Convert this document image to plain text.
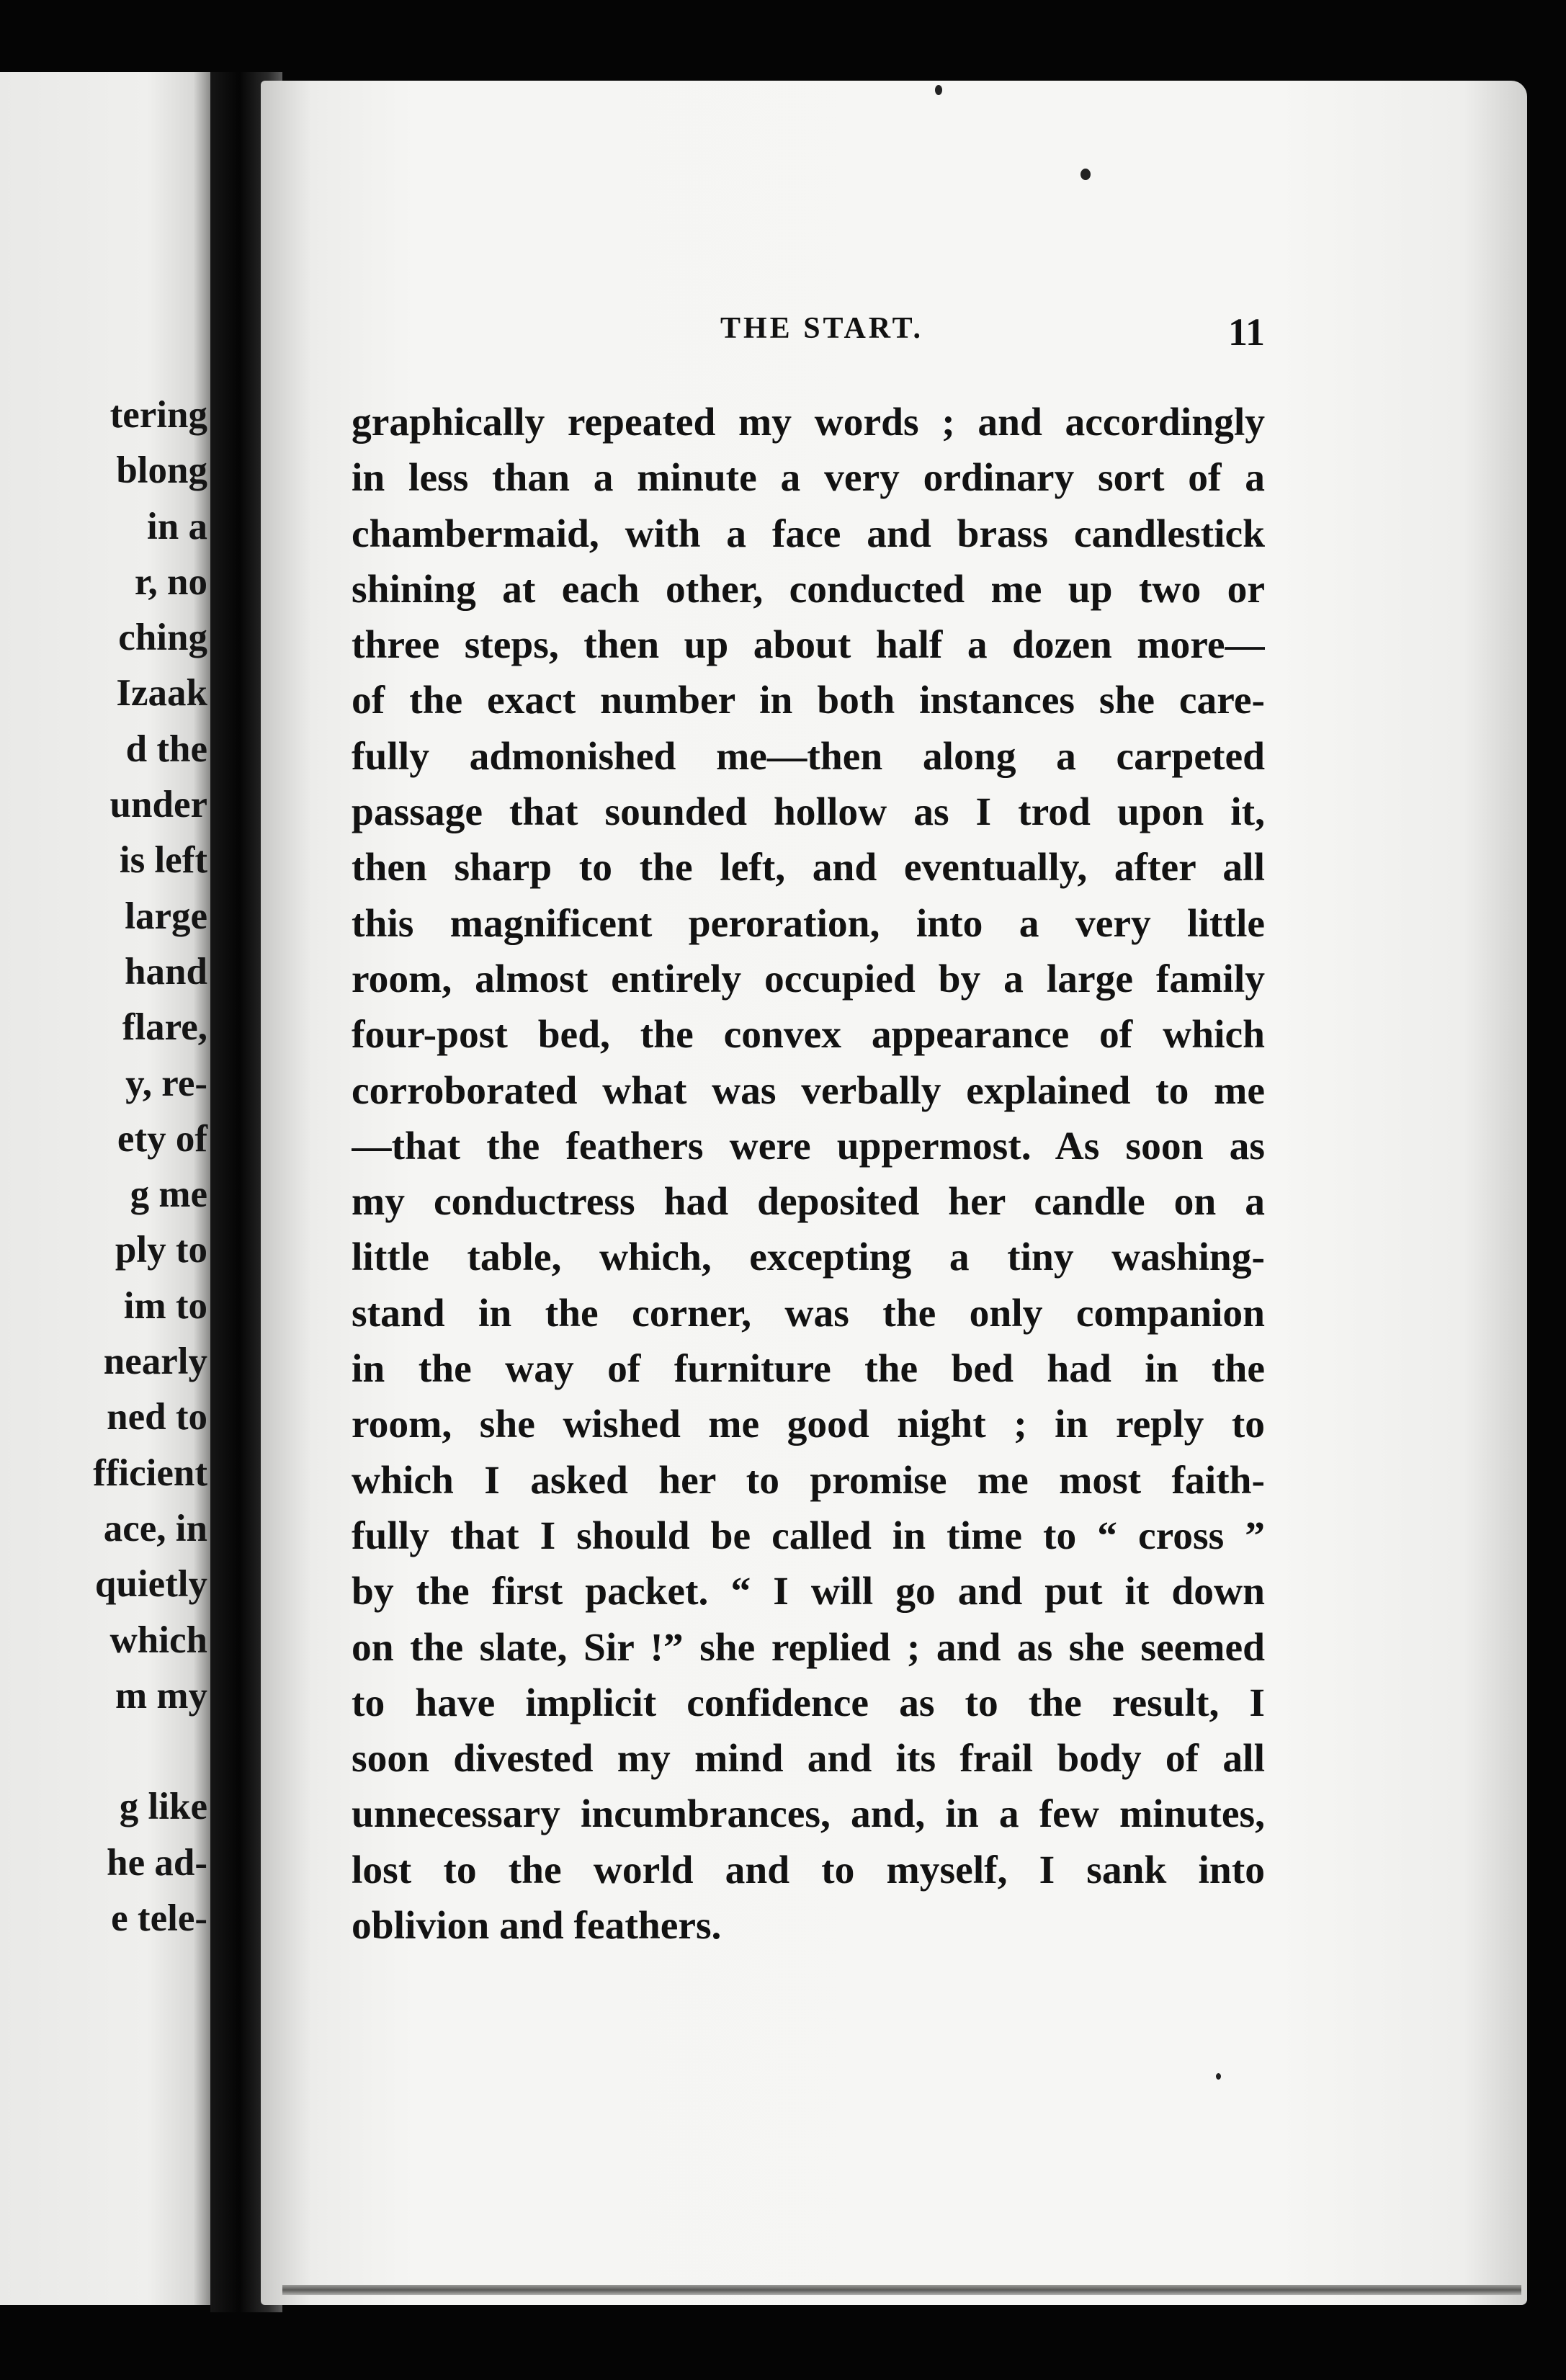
tering
blong
in a
r, no
ching
Izaak
d the
under
is left
large
hand
flare,
y, re-
ety of
g me
ply to
im to
nearly
ned to
fficient
ace, in
quietly
which
m my
g like
he ad-
e tele-
THE START.	11
graphically repeated my words ; and accordingly
in less than a minute a very ordinary sort of a
chambermaid, with a face and brass candlestick
shining at each other, conducted me up two or
three steps, then up about half a dozen more—
of the exact number in both instances she care-
fully admonished me—then along a carpeted
passage that sounded hollow as I trod upon it,
then sharp to the left, and eventually, after all
this magnificent peroration, into a very little
room, almost entirely occupied by a large family
four-post bed, the convex appearance of which
corroborated what was verbally explained to me
—that the feathers were uppermost. As soon as
my conductress had deposited her candle on a
little table, which, excepting a tiny washing-
stand in the corner, was the only companion
in the way of furniture the bed had in the
room, she wished me good night ; in reply to
which I asked her to promise me most faith-
fully that I should be called in time to “ cross ”
by the first packet. “ I will go and put it down
on the slate, Sir !” she replied ; and as she seemed
to have implicit confidence as to the result, I
soon divested my mind and its frail body of all
unnecessary incumbrances, and, in a few minutes,
lost to the world and to myself, I sank into
oblivion and feathers.
